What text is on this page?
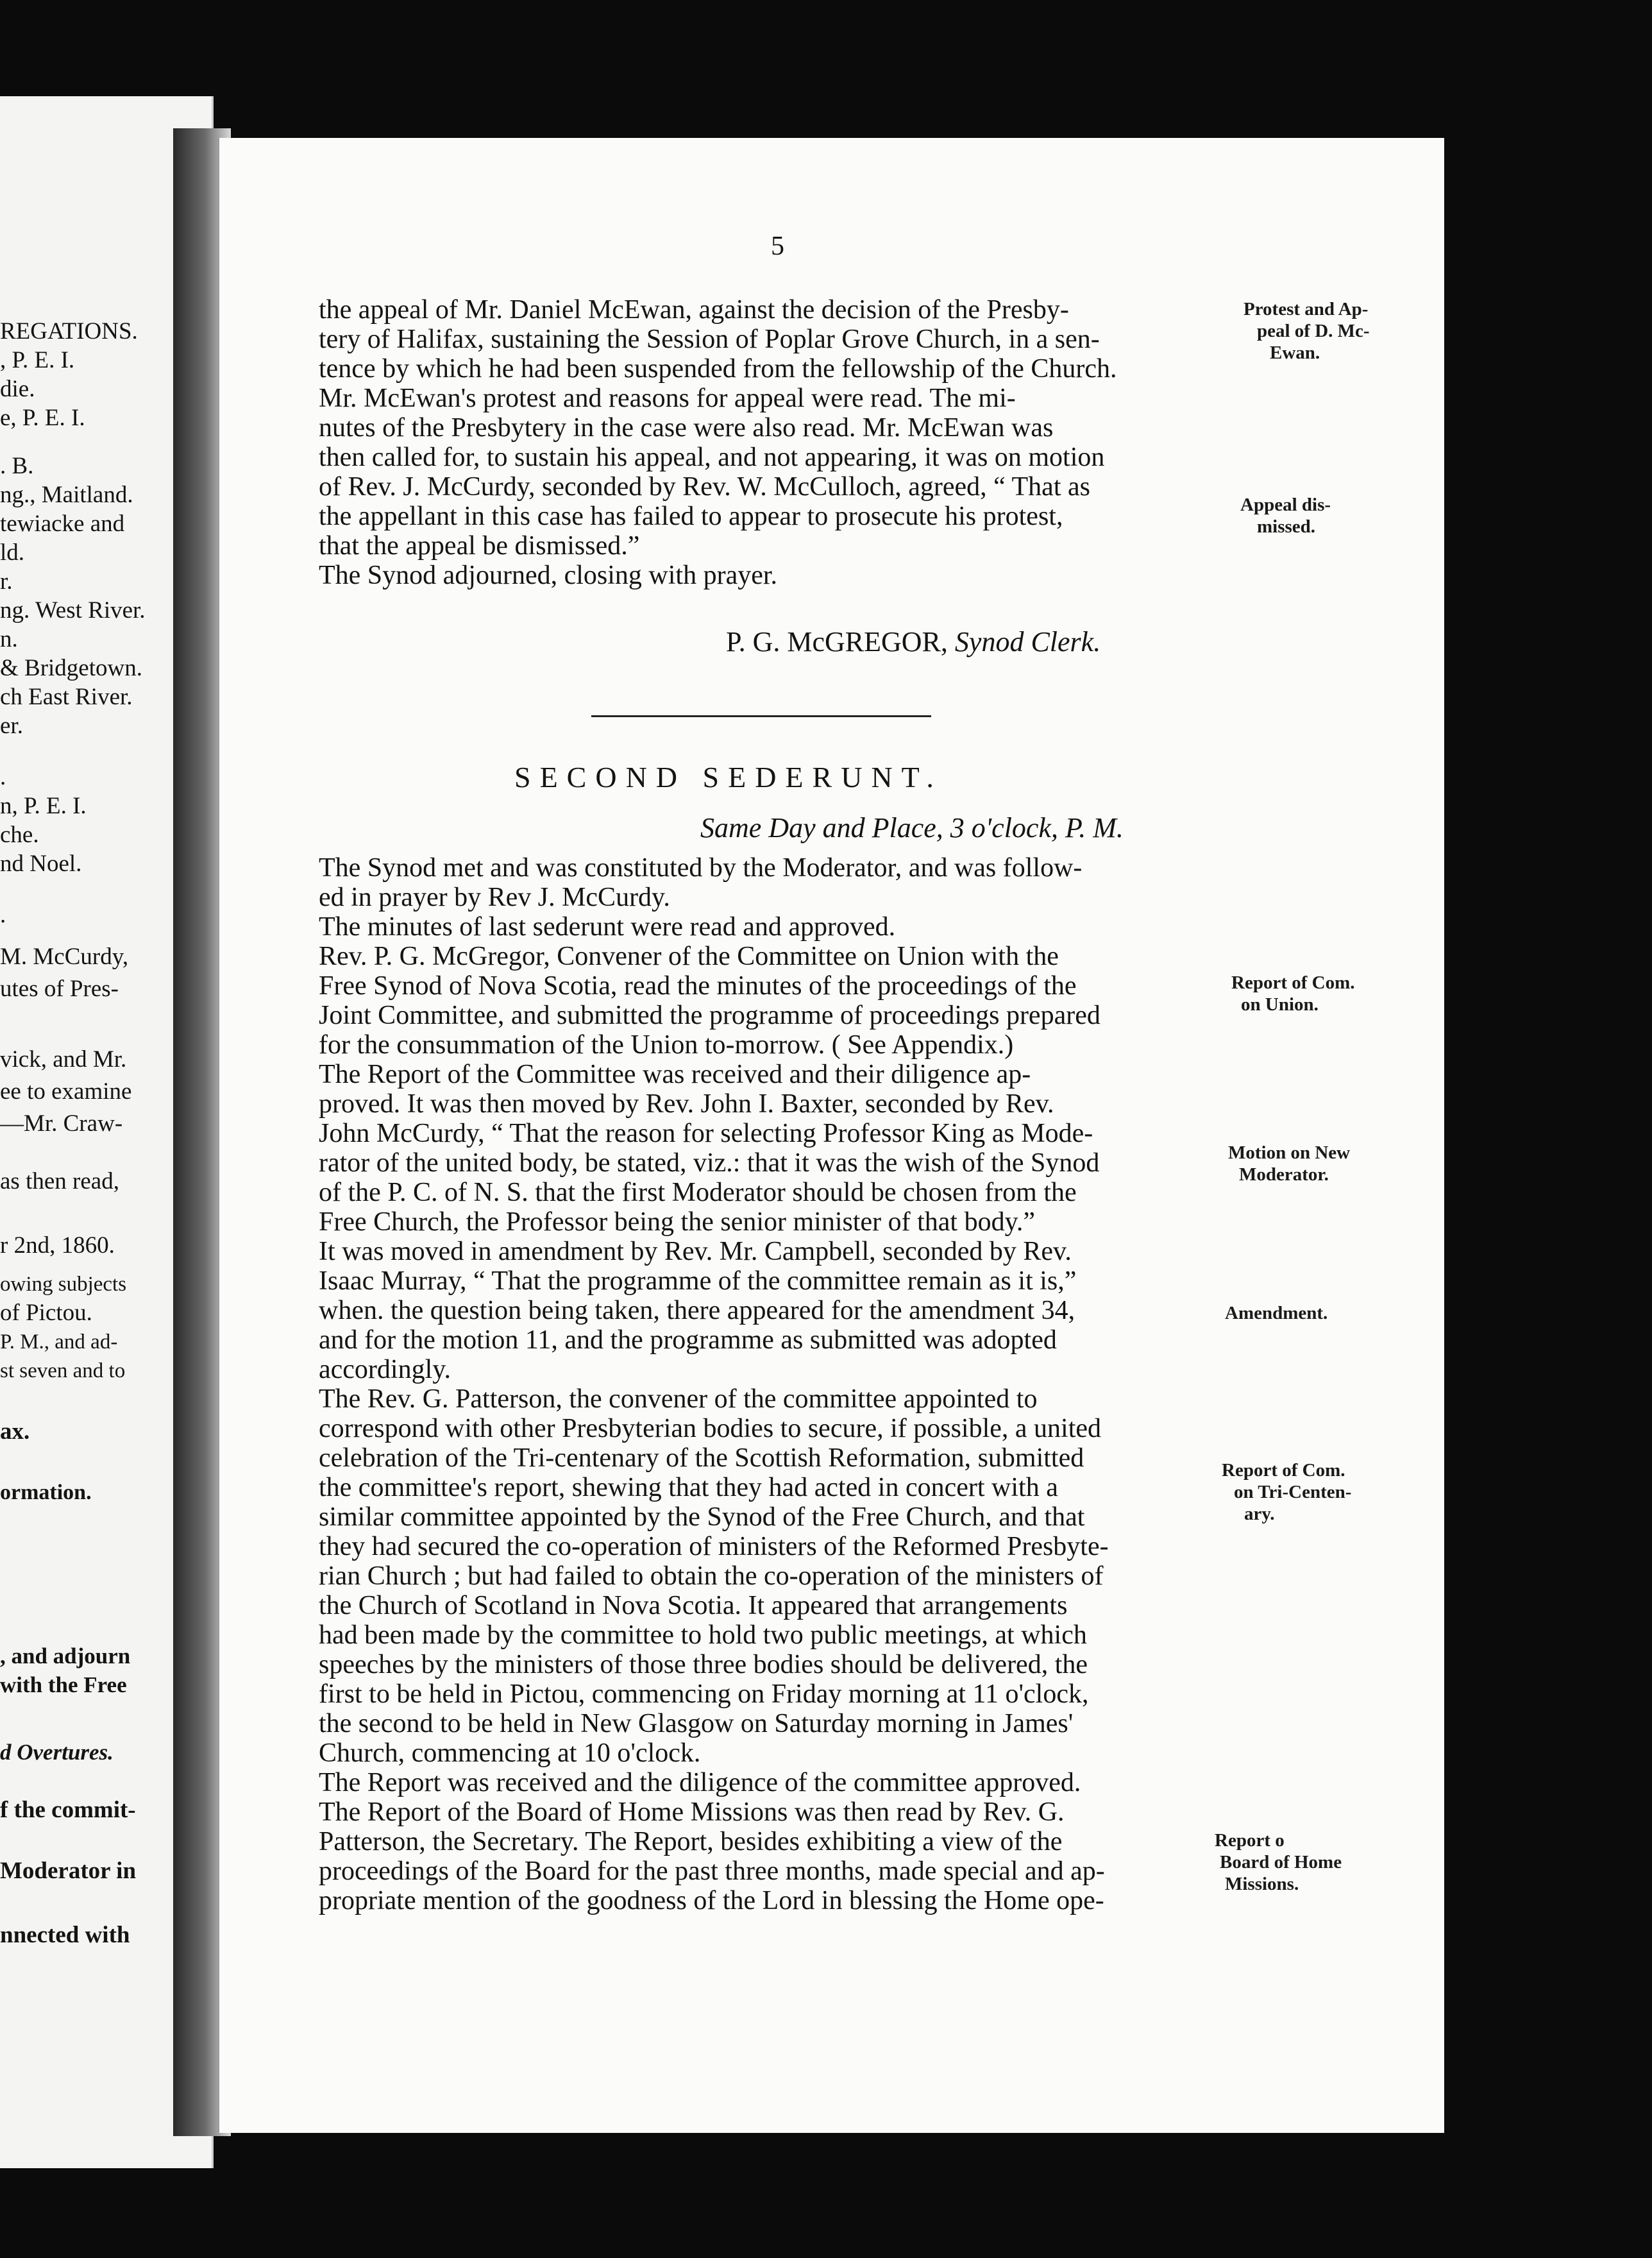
REGATIONS.
, P. E. I.
die.
e, P. E. I.
. B.
ng., Maitland.
tewiacke and
ld.
r.
ng. West River.
n.
& Bridgetown.
ch East River.
er.
.
n, P. E. I.
che.
nd Noel.
.
M. McCurdy,
utes of Pres-
vick, and Mr.
ee to examine
—Mr. Craw-
as then read,
r 2nd, 1860.
owing subjects
of Pictou.
P. M., and ad-
st seven and to
ax.
ormation.
, and adjourn
with the Free
d Overtures.
f the commit-
Moderator in
nnected with
5
the appeal of Mr. Daniel McEwan, against the decision of the Presby-
tery of Halifax, sustaining the Session of Poplar Grove Church, in a sen-
tence by which he had been suspended from the fellowship of the Church.
Mr. McEwan's protest and reasons for appeal were read. The mi-
nutes of the Presbytery in the case were also read. Mr. McEwan was
then called for, to sustain his appeal, and not appearing, it was on motion
of Rev. J. McCurdy, seconded by Rev. W. McCulloch, agreed, “ That as
the appellant in this case has failed to appear to prosecute his protest,
that the appeal be dismissed.”
The Synod adjourned, closing with prayer.
P. G. McGREGOR, Synod Clerk.
SECOND SEDERUNT.
Same Day and Place, 3 o'clock, P. M.
The Synod met and was constituted by the Moderator, and was follow-
ed in prayer by Rev J. McCurdy.
The minutes of last sederunt were read and approved.
Rev. P. G. McGregor, Convener of the Committee on Union with the
Free Synod of Nova Scotia, read the minutes of the proceedings of the
Joint Committee, and submitted the programme of proceedings prepared
for the consummation of the Union to-morrow. ( See Appendix.)
The Report of the Committee was received and their diligence ap-
proved. It was then moved by Rev. John I. Baxter, seconded by Rev.
John McCurdy, “ That the reason for selecting Professor King as Mode-
rator of the united body, be stated, viz.: that it was the wish of the Synod
of the P. C. of N. S. that the first Moderator should be chosen from the
Free Church, the Professor being the senior minister of that body.”
It was moved in amendment by Rev. Mr. Campbell, seconded by Rev.
Isaac Murray, “ That the programme of the committee remain as it is,”
when. the question being taken, there appeared for the amendment 34,
and for the motion 11, and the programme as submitted was adopted
accordingly.
The Rev. G. Patterson, the convener of the committee appointed to
correspond with other Presbyterian bodies to secure, if possible, a united
celebration of the Tri-centenary of the Scottish Reformation, submitted
the committee's report, shewing that they had acted in concert with a
similar committee appointed by the Synod of the Free Church, and that
they had secured the co-operation of ministers of the Reformed Presbyte-
rian Church ; but had failed to obtain the co-operation of the ministers of
the Church of Scotland in Nova Scotia. It appeared that arrangements
had been made by the committee to hold two public meetings, at which
speeches by the ministers of those three bodies should be delivered, the
first to be held in Pictou, commencing on Friday morning at 11 o'clock,
the second to be held in New Glasgow on Saturday morning in James'
Church, commencing at 10 o'clock.
The Report was received and the diligence of the committee approved.
The Report of the Board of Home Missions was then read by Rev. G.
Patterson, the Secretary. The Report, besides exhibiting a view of the
proceedings of the Board for the past three months, made special and ap-
propriate mention of the goodness of the Lord in blessing the Home ope-
Protest and Ap-
peal of D. Mc-
Ewan.
Appeal dis-
missed.
Report of Com.
on Union.
Motion on New
Moderator.
Amendment.
Report of Com.
on Tri-Centen-
ary.
Report o
Board of Home
Missions.
